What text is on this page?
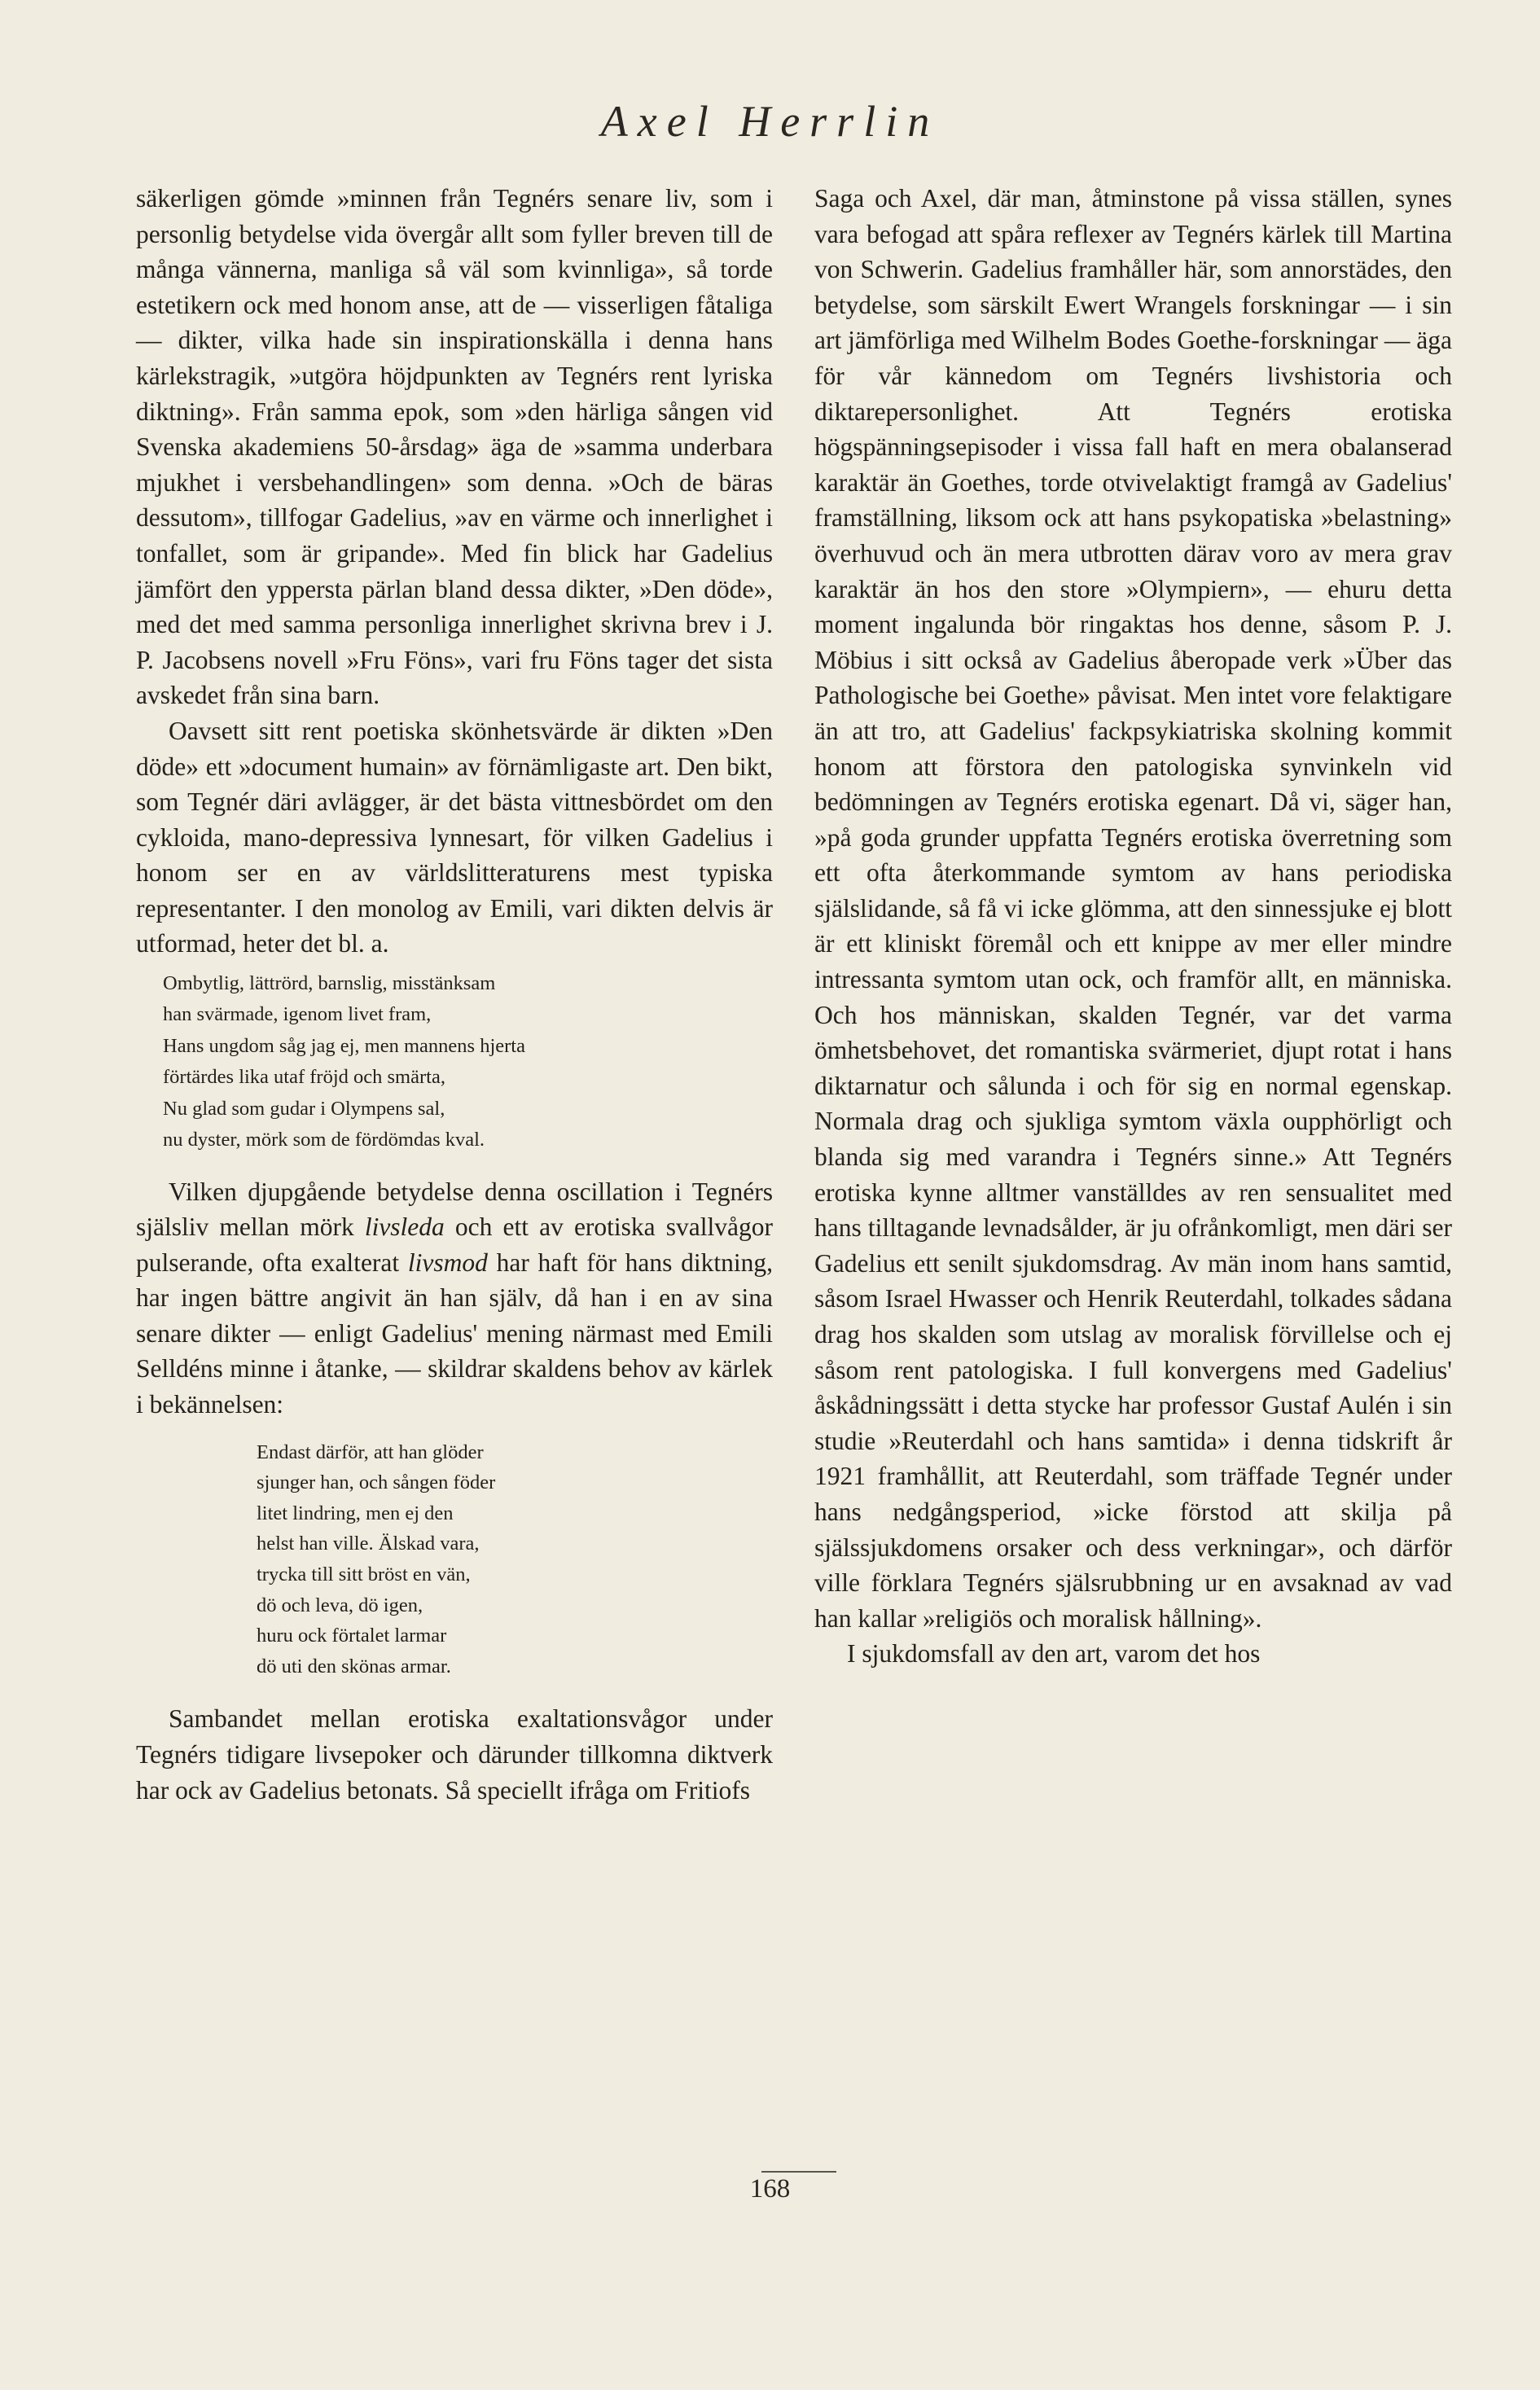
Axel Herrlin

säkerligen gömde »minnen från Tegnérs senare liv, som i personlig betydelse vida övergår allt som fyller breven till de många vännerna, manliga så väl som kvinnliga», så torde estetikern ock med honom anse, att de — visserligen fåtaliga — dikter, vilka hade sin inspirationskälla i denna hans kärlekstragik, »utgöra höjdpunkten av Tegnérs rent lyriska diktning». Från samma epok, som »den härliga sången vid Svenska akademiens 50-årsdag» äga de »samma underbara mjukhet i versbehandlingen» som denna. »Och de bäras dessutom», tillfogar Gadelius, »av en värme och innerlighet i tonfallet, som är gripande». Med fin blick har Gadelius jämfört den yppersta pärlan bland dessa dikter, »Den döde», med det med samma personliga innerlighet skrivna brev i J. P. Jacobsens novell »Fru Föns», vari fru Föns tager det sista avskedet från sina barn.

Oavsett sitt rent poetiska skönhetsvärde är dikten »Den döde» ett »document humain» av förnämligaste art. Den bikt, som Tegnér däri avlägger, är det bästa vittnesbördet om den cykloida, mano-depressiva lynnesart, för vilken Gadelius i honom ser en av världslitteraturens mest typiska representanter. I den monolog av Emili, vari dikten delvis är utformad, heter det bl. a.

Ombytlig, lättrörd, barnslig, misstänksam
han svärmade, igenom livet fram,
Hans ungdom såg jag ej, men mannens hjerta
förtärdes lika utaf fröjd och smärta,
Nu glad som gudar i Olympens sal,
nu dyster, mörk som de fördömdas kval.

Vilken djupgående betydelse denna oscillation i Tegnérs själsliv mellan mörk livsleda och ett av erotiska svallvågor pulserande, ofta exalterat livsmod har haft för hans diktning, har ingen bättre angivit än han själv, då han i en av sina senare dikter — enligt Gadelius' mening närmast med Emili Selldéns minne i åtanke, — skildrar skaldens behov av kärlek i bekännelsen:

Endast därför, att han glöder
sjunger han, och sången föder
litet lindring, men ej den
helst han ville. Älskad vara,
trycka till sitt bröst en vän,
dö och leva, dö igen,
huru ock förtalet larmar
dö uti den skönas armar.

Sambandet mellan erotiska exaltationsvågor under Tegnérs tidigare livsepoker och därunder tillkomna diktverk har ock av Gadelius betonats. Så speciellt ifråga om Fritiofs

Saga och Axel, där man, åtminstone på vissa ställen, synes vara befogad att spåra reflexer av Tegnérs kärlek till Martina von Schwerin. Gadelius framhåller här, som annorstädes, den betydelse, som särskilt Ewert Wrangels forskningar — i sin art jämförliga med Wilhelm Bodes Goethe-forskningar — äga för vår kännedom om Tegnérs livshistoria och diktarepersonlighet. Att Tegnérs erotiska högspänningsepisoder i vissa fall haft en mera obalanserad karaktär än Goethes, torde otvivelaktigt framgå av Gadelius' framställning, liksom ock att hans psykopatiska »belastning» överhuvud och än mera utbrotten därav voro av mera grav karaktär än hos den store »Olympiern», — ehuru detta moment ingalunda bör ringaktas hos denne, såsom P. J. Möbius i sitt också av Gadelius åberopade verk »Über das Pathologische bei Goethe» påvisat. Men intet vore felaktigare än att tro, att Gadelius' fackpsykiatriska skolning kommit honom att förstora den patologiska synvinkeln vid bedömningen av Tegnérs erotiska egenart. Då vi, säger han, »på goda grunder uppfatta Tegnérs erotiska överretning som ett ofta återkommande symtom av hans periodiska själslidande, så få vi icke glömma, att den sinnessjuke ej blott är ett kliniskt föremål och ett knippe av mer eller mindre intressanta symtom utan ock, och framför allt, en människa. Och hos människan, skalden Tegnér, var det varma ömhetsbehovet, det romantiska svärmeriet, djupt rotat i hans diktarnatur och sålunda i och för sig en normal egenskap. Normala drag och sjukliga symtom växla oupphörligt och blanda sig med varandra i Tegnérs sinne.» Att Tegnérs erotiska kynne alltmer vanställdes av ren sensualitet med hans tilltagande levnadsålder, är ju ofrånkomligt, men däri ser Gadelius ett senilt sjukdomsdrag. Av män inom hans samtid, såsom Israel Hwasser och Henrik Reuterdahl, tolkades sådana drag hos skalden som utslag av moralisk förvillelse och ej såsom rent patologiska. I full konvergens med Gadelius' åskådningssätt i detta stycke har professor Gustaf Aulén i sin studie »Reuterdahl och hans samtida» i denna tidskrift år 1921 framhållit, att Reuterdahl, som träffade Tegnér under hans nedgångsperiod, »icke förstod att skilja på själssjukdomens orsaker och dess verkningar», och därför ville förklara Tegnérs själsrubbning ur en avsaknad av vad han kallar »religiös och moralisk hållning».

I sjukdomsfall av den art, varom det hos

168
